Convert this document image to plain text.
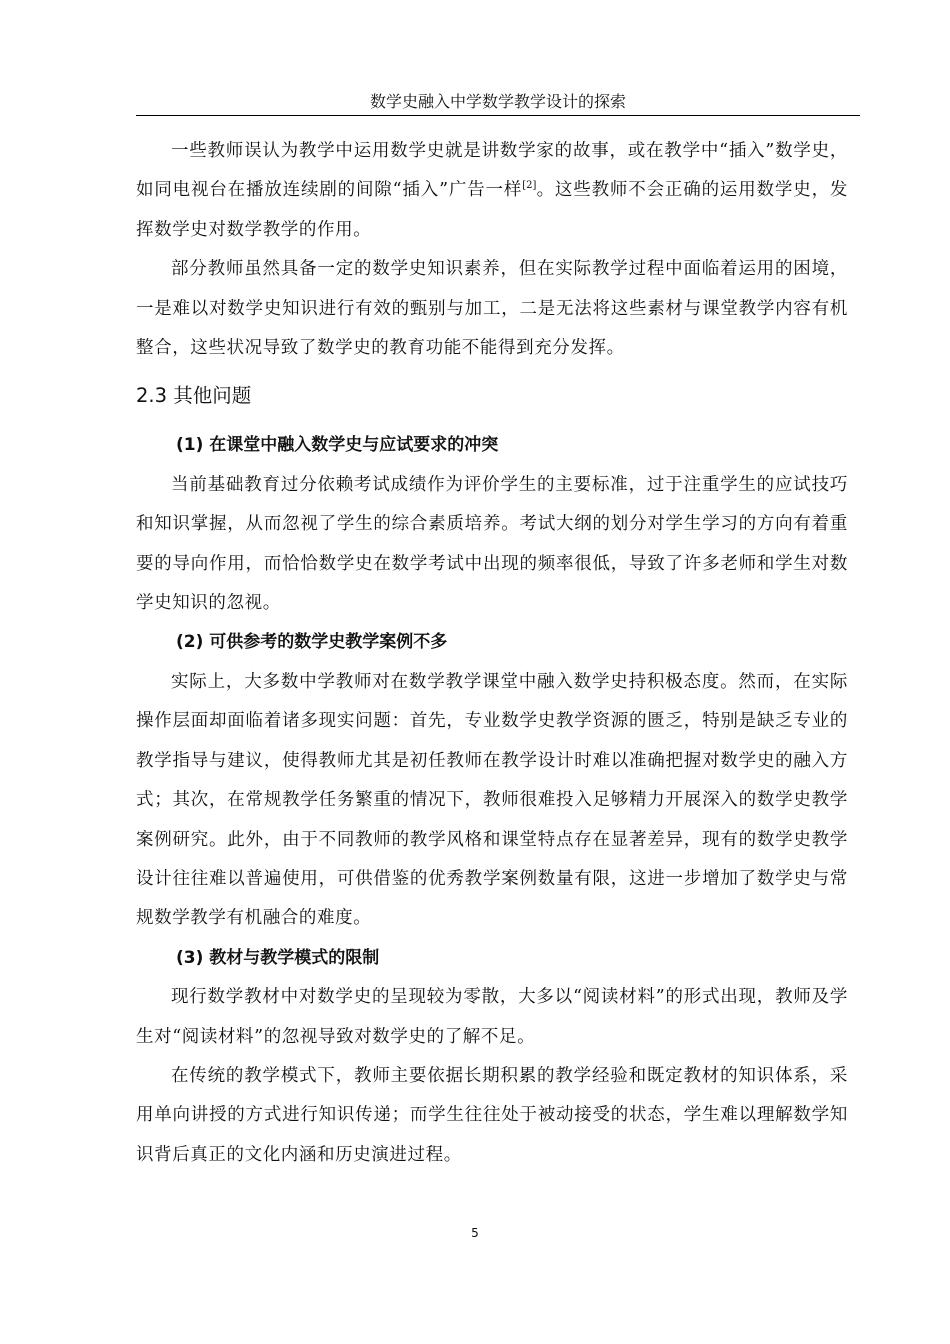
数学史融入中学数学教学设计的探索

一些教师误认为教学中运用数学史就是讲数学家的故事，或在教学中“插入”数学史，如同电视台在播放连续剧的间隙“插入”广告一样[2]。这些教师不会正确的运用数学史，发挥数学史对数学教学的作用。

部分教师虽然具备一定的数学史知识素养，但在实际教学过程中面临着运用的困境，一是难以对数学史知识进行有效的甄别与加工，二是无法将这些素材与课堂教学内容有机整合，这些状况导致了数学史的教育功能不能得到充分发挥。

2.3 其他问题
(1) 在课堂中融入数学史与应试要求的冲突

当前基础教育过分依赖考试成绩作为评价学生的主要标准，过于注重学生的应试技巧和知识掌握，从而忽视了学生的综合素质培养。考试大纲的划分对学生学习的方向有着重要的导向作用，而恰恰数学史在数学考试中出现的频率很低，导致了许多老师和学生对数学史知识的忽视。

(2) 可供参考的数学史教学案例不多

实际上，大多数中学教师对在数学教学课堂中融入数学史持积极态度。然而，在实际操作层面却面临着诸多现实问题：首先，专业数学史教学资源的匮乏，特别是缺乏专业的教学指导与建议，使得教师尤其是初任教师在教学设计时难以准确把握对数学史的融入方式；其次，在常规教学任务繁重的情况下，教师很难投入足够精力开展深入的数学史教学案例研究。此外，由于不同教师的教学风格和课堂特点存在显著差异，现有的数学史教学设计往往难以普遍使用，可供借鉴的优秀教学案例数量有限，这进一步增加了数学史与常规数学教学有机融合的难度。

(3) 教材与教学模式的限制

现行数学教材中对数学史的呈现较为零散，大多以“阅读材料”的形式出现，教师及学生对“阅读材料”的忽视导致对数学史的了解不足。

在传统的教学模式下，教师主要依据长期积累的教学经验和既定教材的知识体系，采用单向讲授的方式进行知识传递；而学生往往处于被动接受的状态，学生难以理解数学知识背后真正的文化内涵和历史演进过程。

5
